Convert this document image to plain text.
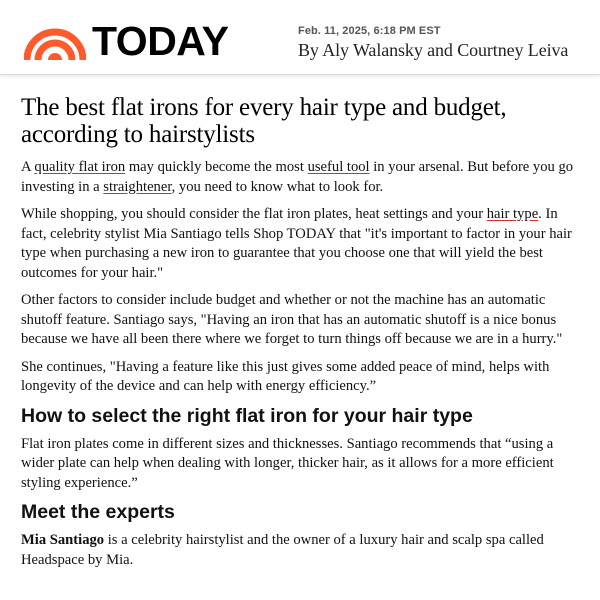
TODAY	Feb. 11, 2025, 6:18 PM EST
By Aly Walansky and Courtney Leiva
The best flat irons for every hair type and budget, according to hairstylists

A quality flat iron may quickly become the most useful tool in your arsenal. But before you go investing in a straightener, you need to know what to look for.

While shopping, you should consider the flat iron plates, heat settings and your hair type. In fact, celebrity stylist Mia Santiago tells Shop TODAY that "it's important to factor in your hair type when purchasing a new iron to guarantee that you choose one that will yield the best outcomes for your hair."

Other factors to consider include budget and whether or not the machine has an automatic shutoff feature. Santiago says, "Having an iron that has an automatic shutoff is a nice bonus because we have all been there where we forget to turn things off because we are in a hurry."

She continues, "Having a feature like this just gives some added peace of mind, helps with longevity of the device and can help with energy efficiency.”

How to select the right flat iron for your hair type

Flat iron plates come in different sizes and thicknesses. Santiago recommends that “using a wider plate can help when dealing with longer, thicker hair, as it allows for a more efficient styling experience.”

Meet the experts

Mia Santiago is a celebrity hairstylist and the owner of a luxury hair and scalp spa called Headspace by Mia.
